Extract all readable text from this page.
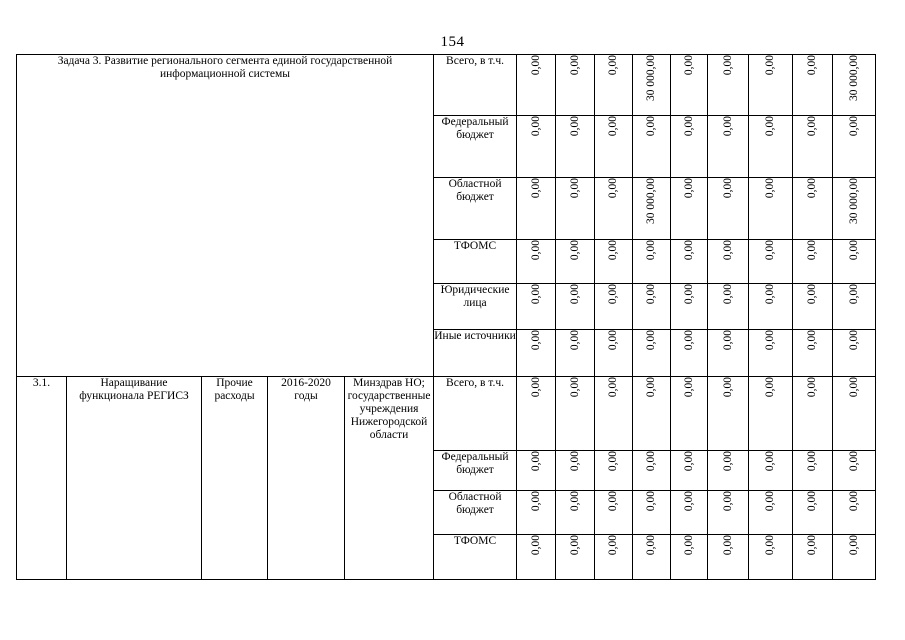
154
Задача 3. Развитие регионального сегмента единой государственной информационной системы					Всего, в т.ч.	0,00	0,00	0,00	30 000,00	0,00	0,00	0,00	0,00	30 000,00
					Федеральный бюджет	0,00	0,00	0,00	0,00	0,00	0,00	0,00	0,00	0,00
					Областной бюджет	0,00	0,00	0,00	30 000,00	0,00	0,00	0,00	0,00	30 000,00
					ТФОМС	0,00	0,00	0,00	0,00	0,00	0,00	0,00	0,00	0,00
					Юридические лица	0,00	0,00	0,00	0,00	0,00	0,00	0,00	0,00	0,00
					Иные источники	0,00	0,00	0,00	0,00	0,00	0,00	0,00	0,00	0,00
3.1.	Наращивание функционала РЕГИСЗ	Прочие расходы	2016-2020 годы	Минздрав НО; государственные учреждения Нижегородской области	Всего, в т.ч.	0,00	0,00	0,00	0,00	0,00	0,00	0,00	0,00	0,00
					Федеральный бюджет	0,00	0,00	0,00	0,00	0,00	0,00	0,00	0,00	0,00
					Областной бюджет	0,00	0,00	0,00	0,00	0,00	0,00	0,00	0,00	0,00
					ТФОМС	0,00	0,00	0,00	0,00	0,00	0,00	0,00	0,00	0,00
